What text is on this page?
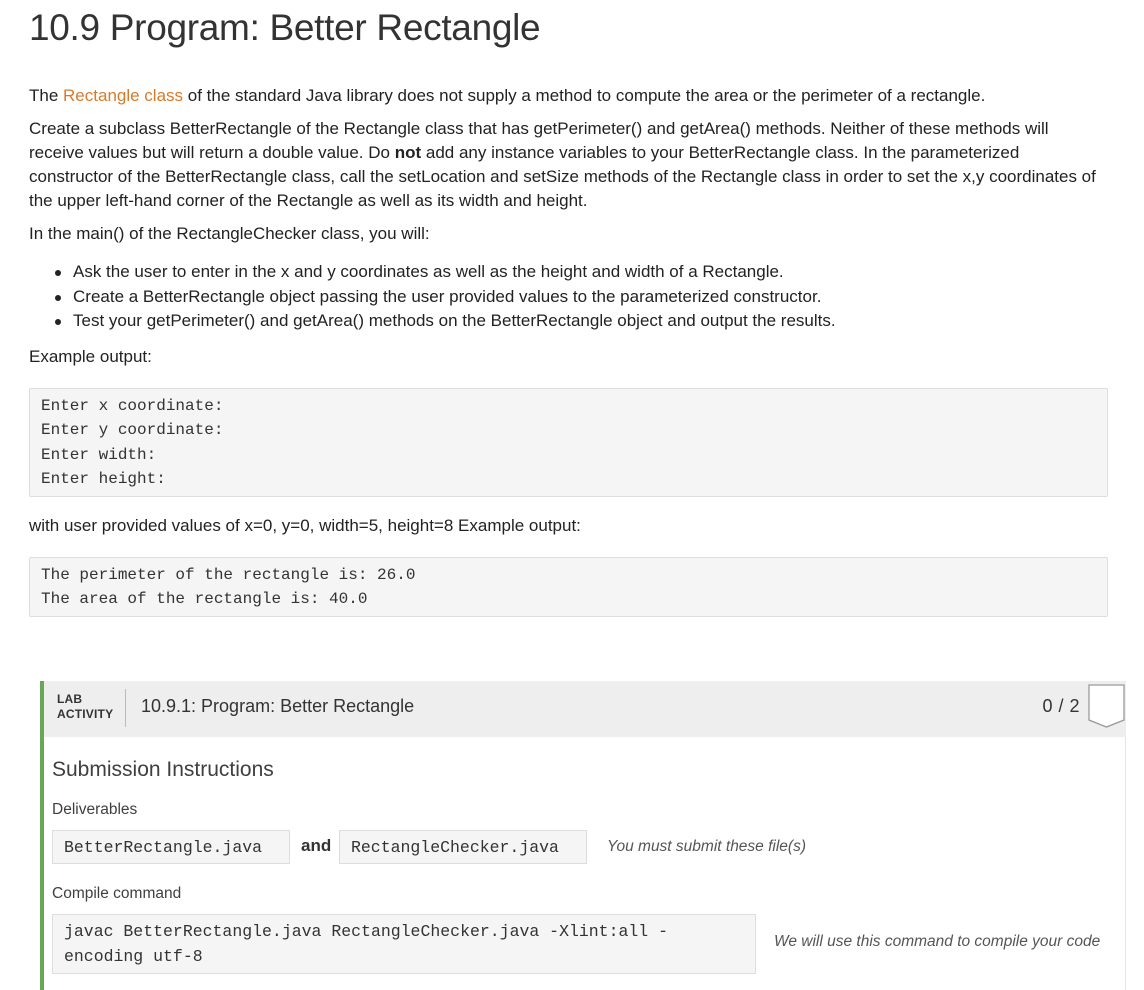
10.9 Program: Better Rectangle

The Rectangle class of the standard Java library does not supply a method to compute the area or the perimeter of a rectangle.

Create a subclass BetterRectangle of the Rectangle class that has getPerimeter() and getArea() methods. Neither of these methods will receive values but will return a double value. Do not add any instance variables to your BetterRectangle class. In the parameterized constructor of the BetterRectangle class, call the setLocation and setSize methods of the Rectangle class in order to set the x,y coordinates of the upper left-hand corner of the Rectangle as well as its width and height.

In the main() of the RectangleChecker class, you will:

Ask the user to enter in the x and y coordinates as well as the height and width of a Rectangle.
Create a BetterRectangle object passing the user provided values to the parameterized constructor.
Test your getPerimeter() and getArea() methods on the BetterRectangle object and output the results.

Example output:

Enter x coordinate:
Enter y coordinate:
Enter width:
Enter height:

with user provided values of x=0, y=0, width=5, height=8 Example output:

The perimeter of the rectangle is: 26.0
The area of the rectangle is: 40.0
LAB
ACTIVITY 10.9.1: Program: Better Rectangle	0 / 2
Submission Instructions
Deliverables
BetterRectangle.java	and	RectangleChecker.java	You must submit these file(s)
Compile command
javac BetterRectangle.java RectangleChecker.java -Xlint:all -
encoding utf-8
We will use this command to compile your code
